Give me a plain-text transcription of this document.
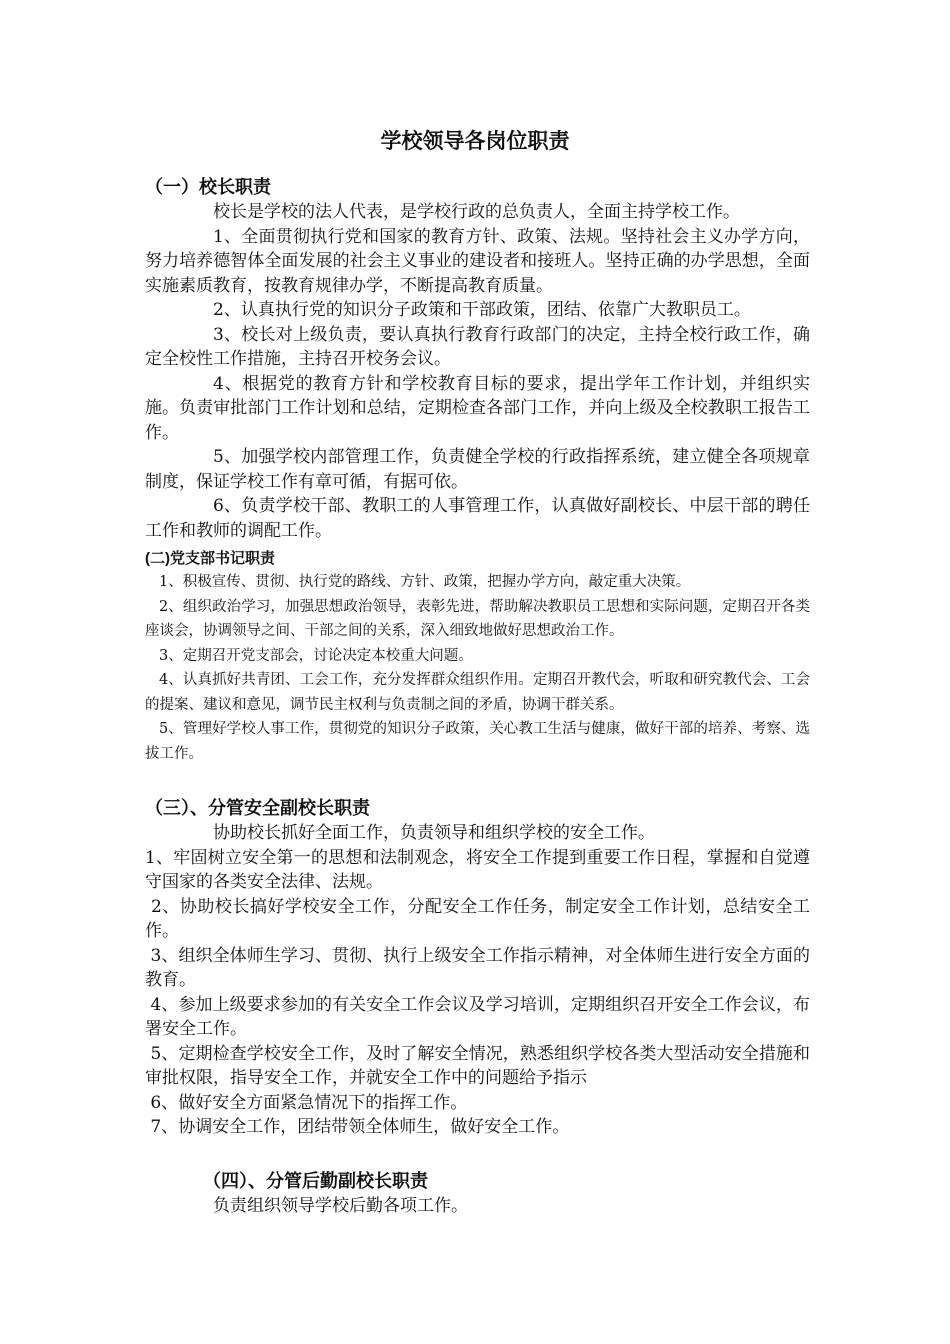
学校领导各岗位职责

（一）校长职责

校长是学校的法人代表，是学校行政的总负责人，全面主持学校工作。

1、全面贯彻执行党和国家的教育方针、政策、法规。坚持社会主义办学方向，努力培养德智体全面发展的社会主义事业的建设者和接班人。坚持正确的办学思想，全面实施素质教育，按教育规律办学，不断提高教育质量。

2、认真执行党的知识分子政策和干部政策，团结、依靠广大教职员工。

3、校长对上级负责，要认真执行教育行政部门的决定，主持全校行政工作，确定全校性工作措施，主持召开校务会议。

4、根据党的教育方针和学校教育目标的要求，提出学年工作计划，并组织实施。负责审批部门工作计划和总结，定期检查各部门工作，并向上级及全校教职工报告工作。

5、加强学校内部管理工作，负责健全学校的行政指挥系统，建立健全各项规章制度，保证学校工作有章可循，有据可依。

6、负责学校干部、教职工的人事管理工作，认真做好副校长、中层干部的聘任工作和教师的调配工作。

(二)党支部书记职责

1、积极宣传、贯彻、执行党的路线、方针、政策，把握办学方向，敲定重大决策。

2、组织政治学习，加强思想政治领导，表彰先进，帮助解决教职员工思想和实际问题，定期召开各类座谈会，协调领导之间、干部之间的关系，深入细致地做好思想政治工作。

3、定期召开党支部会，讨论决定本校重大问题。

4、认真抓好共青团、工会工作，充分发挥群众组织作用。定期召开教代会，听取和研究教代会、工会的提案、建议和意见，调节民主权利与负责制之间的矛盾，协调干群关系。

5、管理好学校人事工作，贯彻党的知识分子政策，关心教工生活与健康，做好干部的培养、考察、选拔工作。

（三）、分管安全副校长职责

协助校长抓好全面工作，负责领导和组织学校的安全工作。

1、牢固树立安全第一的思想和法制观念，将安全工作提到重要工作日程，掌握和自觉遵守国家的各类安全法律、法规。

2、协助校长搞好学校安全工作，分配安全工作任务，制定安全工作计划，总结安全工作。

3、组织全体师生学习、贯彻、执行上级安全工作指示精神，对全体师生进行安全方面的教育。

4、参加上级要求参加的有关安全工作会议及学习培训，定期组织召开安全工作会议，布署安全工作。

5、定期检查学校安全工作，及时了解安全情况，熟悉组织学校各类大型活动安全措施和审批权限，指导安全工作，并就安全工作中的问题给予指示

6、做好安全方面紧急情况下的指挥工作。

7、协调安全工作，团结带领全体师生，做好安全工作。

（四）、分管后勤副校长职责

负责组织领导学校后勤各项工作。
